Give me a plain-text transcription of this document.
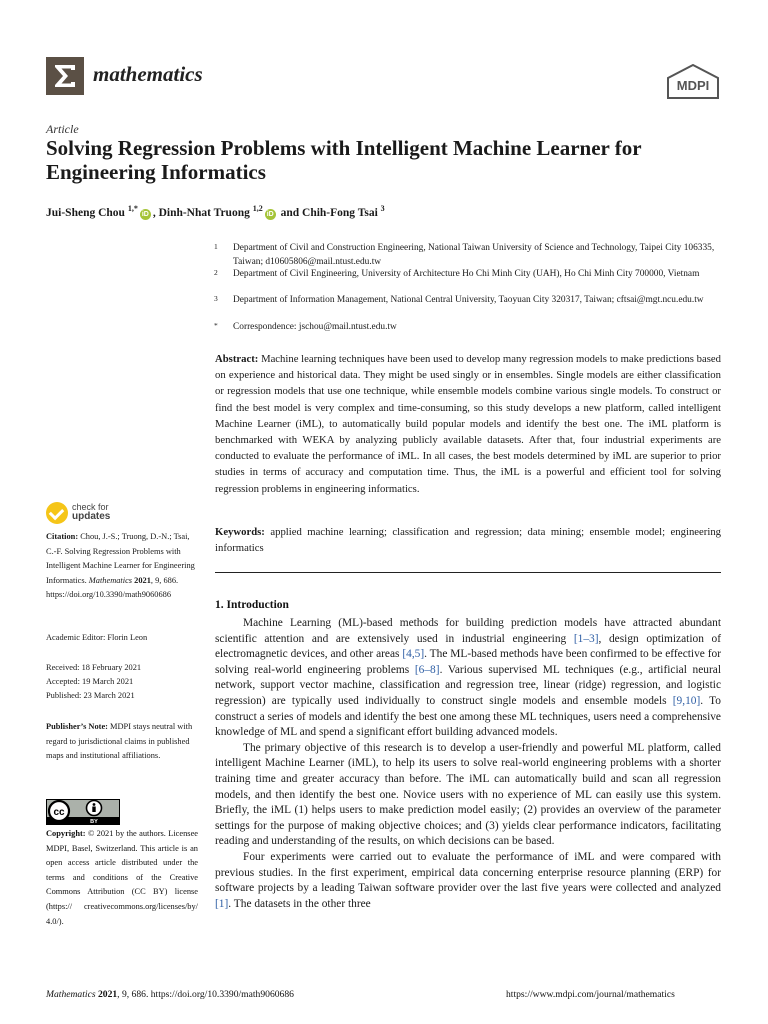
mathematics	MDPI
Article
Solving Regression Problems with Intelligent Machine Learner for Engineering Informatics
Jui-Sheng Chou $^{1,*}$iD , Dinh-Nhat Truong $^{1,2}$iD and Chih-Fong Tsai $^3$
1 Department of Civil and Construction Engineering, National Taiwan University of Science and Technology, Taipei City 106335, Taiwan; d10605806@mail.ntust.edu.tw
2 Department of Civil Engineering, University of Architecture Ho Chi Minh City (UAH), Ho Chi Minh City 700000, Vietnam
3 Department of Information Management, National Central University, Taoyuan City 320317, Taiwan; cftsai@mgt.ncu.edu.tw
* Correspondence: jschou@mail.ntust.edu.tw
Abstract: Machine learning techniques have been used to develop many regression models to make predictions based on experience and historical data. They might be used singly or in ensembles. Single models are either classification or regression models that use one technique, while ensemble models combine various single models. To construct or find the best model is very complex and time-consuming, so this study develops a new platform, called intelligent Machine Learner (iML), to automatically build popular models and identify the best one. The iML platform is benchmarked with WEKA by analyzing publicly available datasets. After that, four industrial experiments are conducted to evaluate the performance of iML. In all cases, the best models determined by iML are superior to prior studies in terms of accuracy and computation time. Thus, the iML is a powerful and efficient tool for solving regression problems in engineering informatics.
Keywords: applied machine learning; classification and regression; data mining; ensemble model; engineering informatics
1. Introduction

Machine Learning (ML)-based methods for building prediction models have attracted abundant scientific attention and are extensively used in industrial engineering [1–3], design optimization of electromagnetic devices, and other areas [4,5]. The ML-based methods have been confirmed to be effective for solving real-world engineering problems [6–8]. Various supervised ML techniques (e.g., artificial neural network, support vector machine, classification and regression tree, linear (ridge) regression, and logistic regression) are typically used individually to construct single models and ensemble models [9,10]. To construct a series of models and identify the best one among these ML techniques, users need a comprehensive knowledge of ML and spend a significant effort building advanced models.

The primary objective of this research is to develop a user-friendly and powerful ML platform, called intelligent Machine Learner (iML), to help its users to solve real-world engineering problems with a shorter training time and greater accuracy than before. The iML can automatically build and scan all regression models, and then identify the best one. Novice users with no experience of ML can easily use this system. Briefly, the iML (1) helps users to make prediction model easily; (2) provides an overview of the parameter settings for the purpose of making objective choices; and (3) yields clear performance indicators, facilitating reading and understanding of the results, on which decisions can be based.

Four experiments were carried out to evaluate the performance of iML and were compared with previous studies. In the first experiment, empirical data concerning enterprise resource planning (ERP) for software projects by a leading Taiwan software provider over the last five years were collected and analyzed [1]. The datasets in the other three

check for
updates
Citation: Chou, J.-S.; Truong, D.-N.; Tsai, C.-F. Solving Regression Problems with Intelligent Machine Learner for Engineering Informatics. Mathematics 2021, 9, 686. https://doi.org/10.3390/math9060686
Academic Editor: Florin Leon
Received: 18 February 2021
Accepted: 19 March 2021
Published: 23 March 2021
Publisher’s Note: MDPI stays neutral with regard to jurisdictional claims in published maps and institutional affiliations.
cc
BY
Copyright: © 2021 by the authors. Licensee MDPI, Basel, Switzerland. This article is an open access article distributed under the terms and conditions of the Creative Commons Attribution (CC BY) license (https:// creativecommons.org/licenses/by/ 4.0/).
Mathematics 2021, 9, 686. https://doi.org/10.3390/math9060686	https://www.mdpi.com/journal/mathematics
